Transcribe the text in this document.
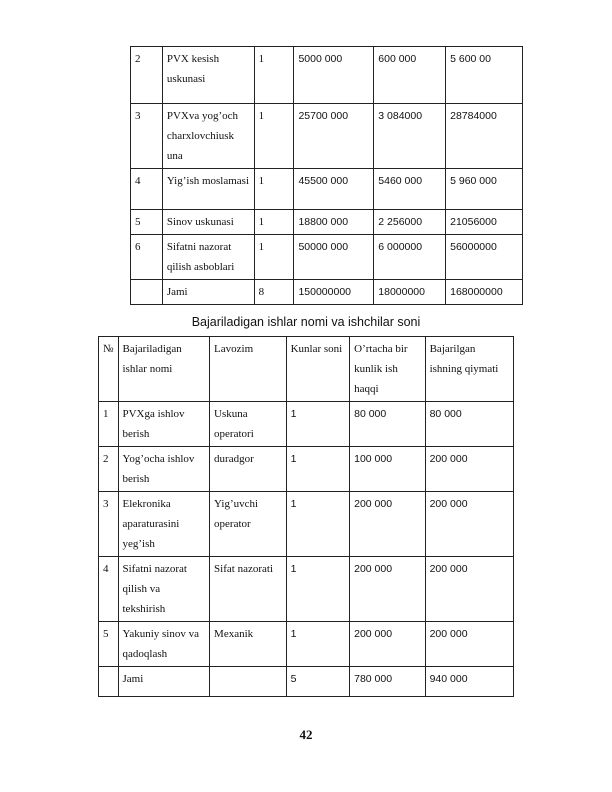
2	PVX kesish uskunasi	1	5000 000	600 000	5 600 00
3	PVXva yog’och charxlovchiusk una	1	25700 000	3 084000	28784000
4	Yig’ish moslamasi	1	45500 000	5460 000	5 960 000
5	Sinov uskunasi	1	18800 000	2 256000	21056000
6	Sifatni nazorat qilish asboblari	1	50000 000	6 000000	56000000
	Jami	8	150000000	18000000	168000000
Bajariladigan ishlar nomi va ishchilar soni
№	Bajariladigan ishlar nomi	Lavozim	Kunlar soni	O’rtacha bir kunlik ish haqqi	Bajarilgan ishning qiymati
1	PVXga ishlov berish	Uskuna operatori	1	80 000	80 000
2	Yog’ocha ishlov berish	duradgor	1	100 000	200 000
3	Elekronika aparaturasini yeg’ish	Yig’uvchi operator	1	200 000	200 000
4	Sifatni nazorat qilish va tekshirish	Sifat nazorati	1	200 000	200 000
5	Yakuniy sinov va qadoqlash	Mexanik	1	200 000	200 000
	Jami		5	780 000	940 000
42
